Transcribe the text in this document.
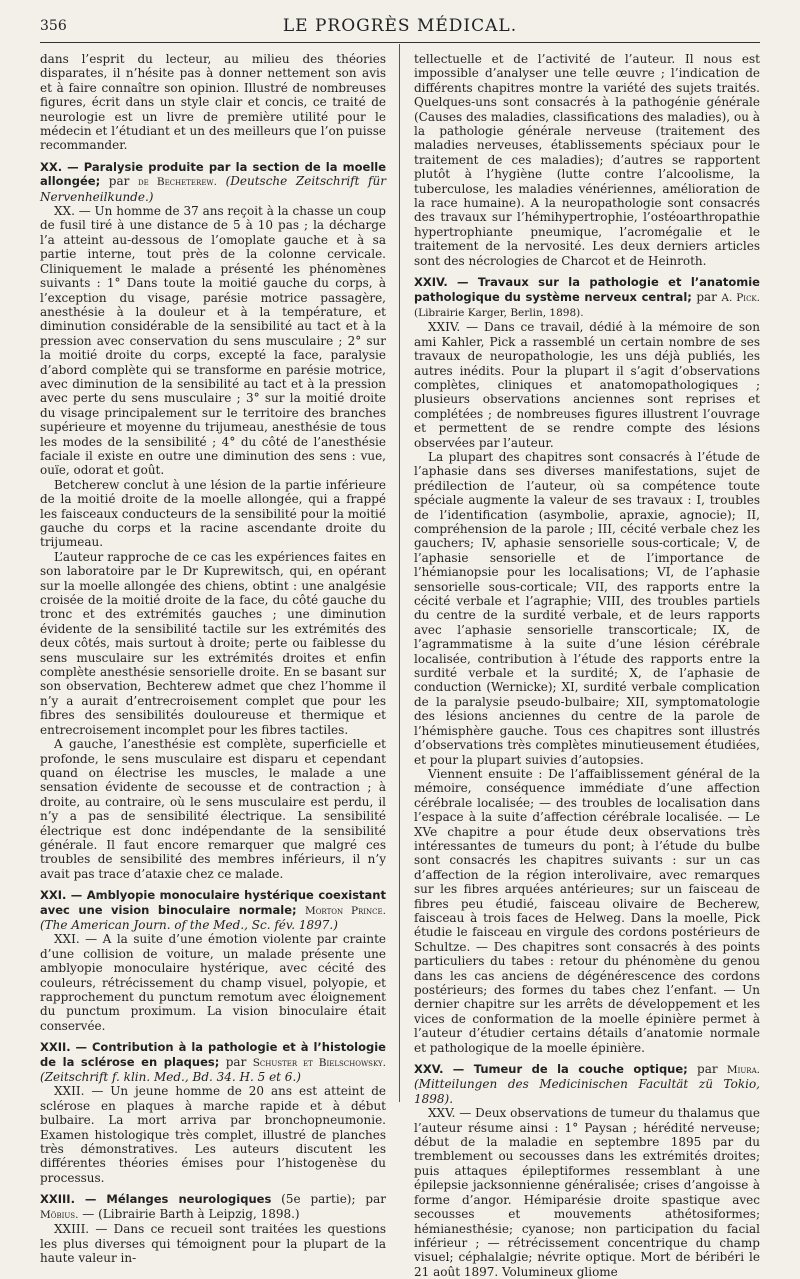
356	LE PROGRÈS MÉDICAL.

dans l’esprit du lecteur, au milieu des théories disparates, il n’hésite pas à donner nettement son avis et à faire connaître son opinion. Illustré de nombreuses figures, écrit dans un style clair et concis, ce traité de neurologie est un livre de première utilité pour le médecin et l’étudiant et un des meilleurs que l’on puisse recommander.

XX. — Paralysie produite par la section de la moelle allongée; par de Becheterew. (Deutsche Zeitschrift für Nervenheilkunde.)

XX. — Un homme de 37 ans reçoit à la chasse un coup de fusil tiré à une distance de 5 à 10 pas ; la décharge l’a atteint au-dessous de l’omoplate gauche et à sa partie interne, tout près de la colonne cervicale. Cliniquement le malade a présenté les phénomènes suivants : 1° Dans toute la moitié gauche du corps, à l’exception du visage, parésie motrice passagère, anesthésie à la douleur et à la température, et diminution considérable de la sensibilité au tact et à la pression avec conservation du sens musculaire ; 2° sur la moitié droite du corps, excepté la face, paralysie d’abord complète qui se transforme en parésie motrice, avec diminution de la sensibilité au tact et à la pression avec perte du sens musculaire ; 3° sur la moitié droite du visage principalement sur le territoire des branches supérieure et moyenne du trijumeau, anesthésie de tous les modes de la sensibilité ; 4° du côté de l’anesthésie faciale il existe en outre une diminution des sens : vue, ouïe, odorat et goût.

Betcherew conclut à une lésion de la partie inférieure de la moitié droite de la moelle allongée, qui a frappé les faisceaux conducteurs de la sensibilité pour la moitié gauche du corps et la racine ascendante droite du trijumeau.

L’auteur rapproche de ce cas les expériences faites en son laboratoire par le Dr Kuprewitsch, qui, en opérant sur la moelle allongée des chiens, obtint : une analgésie croisée de la moitié droite de la face, du côté gauche du tronc et des extrémités gauches ; une diminution évidente de la sensibilité tactile sur les extrémités des deux côtés, mais surtout à droite; perte ou faiblesse du sens musculaire sur les extrémités droites et enfin complète anesthésie sensorielle droite. En se basant sur son observation, Bechterew admet que chez l’homme il n’y a aurait d’entrecroisement complet que pour les fibres des sensibilités douloureuse et thermique et entrecroisement incomplet pour les fibres tactiles.

A gauche, l’anesthésie est complète, superficielle et profonde, le sens musculaire est disparu et cependant quand on électrise les muscles, le malade a une sensation évidente de secousse et de contraction ; à droite, au contraire, où le sens musculaire est perdu, il n’y a pas de sensibilité électrique. La sensibilité électrique est donc indépendante de la sensibilité générale. Il faut encore remarquer que malgré ces troubles de sensibilité des membres inférieurs, il n’y avait pas trace d’ataxie chez ce malade.

XXI. — Amblyopie monoculaire hystérique coexistant avec une vision binoculaire normale; Morton Prince. (The American Journ. of the Med., Sc. fév. 1897.)

XXI. — A la suite d’une émotion violente par crainte d’une collision de voiture, un malade présente une amblyopie monoculaire hystérique, avec cécité des couleurs, rétrécissement du champ visuel, polyopie, et rapprochement du punctum remotum avec éloignement du punctum proximum. La vision binoculaire était conservée.

XXII. — Contribution à la pathologie et à l’histologie de la sclérose en plaques; par Schuster et Bielschowsky. (Zeitschrift f. klin. Med., Bd. 34. H. 5 et 6.)

XXII. — Un jeune homme de 20 ans est atteint de sclérose en plaques à marche rapide et à début bulbaire. La mort arriva par bronchopneumonie. Examen histologique très complet, illustré de planches très démonstratives. Les auteurs discutent les différentes théories émises pour l’histogenèse du processus.

XXIII. — Mélanges neurologiques (5e partie); par Möbius. — (Librairie Barth à Leipzig, 1898.)

XXIII. — Dans ce recueil sont traitées les questions les plus diverses qui témoignent pour la plupart de la haute valeur in-

tellectuelle et de l’activité de l’auteur. Il nous est impossible d’analyser une telle œuvre ; l’indication de différents chapitres montre la variété des sujets traités. Quelques-uns sont consacrés à la pathogénie générale (Causes des maladies, classifications des maladies), ou à la pathologie générale nerveuse (traitement des maladies nerveuses, établissements spéciaux pour le traitement de ces maladies); d’autres se rapportent plutôt à l’hygiène (lutte contre l’alcoolisme, la tuberculose, les maladies vénériennes, amélioration de la race humaine). A la neuropathologie sont consacrés des travaux sur l’hémihypertrophie, l’ostéoarthropathie hypertrophiante pneumique, l’acromégalie et le traitement de la nervosité. Les deux derniers articles sont des nécrologies de Charcot et de Heinroth.

XXIV. — Travaux sur la pathologie et l’anatomie pathologique du système nerveux central; par A. Pick. (Librairie Karger, Berlin, 1898).

XXIV. — Dans ce travail, dédié à la mémoire de son ami Kahler, Pick a rassemblé un certain nombre de ses travaux de neuropathologie, les uns déjà publiés, les autres inédits. Pour la plupart il s’agit d’observations complètes, cliniques et anatomopathologiques ; plusieurs observations anciennes sont reprises et complétées ; de nombreuses figures illustrent l’ouvrage et permettent de se rendre compte des lésions observées par l’auteur.

La plupart des chapitres sont consacrés à l’étude de l’aphasie dans ses diverses manifestations, sujet de prédilection de l’auteur, où sa compétence toute spéciale augmente la valeur de ses travaux : I, troubles de l’identification (asymbolie, apraxie, agnocie); II, compréhension de la parole ; III, cécité verbale chez les gauchers; IV, aphasie sensorielle sous-corticale; V, de l’aphasie sensorielle et de l’importance de l’hémianopsie pour les localisations; VI, de l’aphasie sensorielle sous-corticale; VII, des rapports entre la cécité verbale et l’agraphie; VIII, des troubles partiels du centre de la surdité verbale, et de leurs rapports avec l’aphasie sensorielle transcorticale; IX, de l’agrammatisme à la suite d’une lésion cérébrale localisée, contribution à l’étude des rapports entre la surdité verbale et la surdité; X, de l’aphasie de conduction (Wernicke); XI, surdité verbale complication de la paralysie pseudo-bulbaire; XII, symptomatologie des lésions anciennes du centre de la parole de l’hémisphère gauche. Tous ces chapitres sont illustrés d’observations très complètes minutieusement étudiées, et pour la plupart suivies d’autopsies.

Viennent ensuite : De l’affaiblissement général de la mémoire, conséquence immédiate d’une affection cérébrale localisée; — des troubles de localisation dans l’espace à la suite d’affection cérébrale localisée. — Le XVe chapitre a pour étude deux observations très intéressantes de tumeurs du pont; à l’étude du bulbe sont consacrés les chapitres suivants : sur un cas d’affection de la région interolivaire, avec remarques sur les fibres arquées antérieures; sur un faisceau de fibres peu étudié, faisceau olivaire de Becherew, faisceau à trois faces de Helweg. Dans la moelle, Pick étudie le faisceau en virgule des cordons postérieurs de Schultze. — Des chapitres sont consacrés à des points particuliers du tabes : retour du phénomène du genou dans les cas anciens de dégénérescence des cordons postérieurs; des formes du tabes chez l’enfant. — Un dernier chapitre sur les arrêts de développement et les vices de conformation de la moelle épinière permet à l’auteur d’étudier certains détails d’anatomie normale et pathologique de la moelle épinière.

XXV. — Tumeur de la couche optique; par Miura. (Mitteilungen des Medicinischen Facultät zü Tokio, 1898).

XXV. — Deux observations de tumeur du thalamus que l’auteur résume ainsi : 1° Paysan ; hérédité nerveuse; début de la maladie en septembre 1895 par du tremblement ou secousses dans les extrémités droites; puis attaques épileptiformes ressemblant à une épilepsie jacksonnienne généralisée; crises d’angoisse à forme d’angor. Hémiparésie droite spastique avec secousses et mouvements athétosiformes; hémianesthésie; cyanose; non participation du facial inférieur ; — rétrécissement concentrique du champ visuel; céphalalgie; névrite optique. Mort de béribéri le 21 août 1897. Volumineux gliome
